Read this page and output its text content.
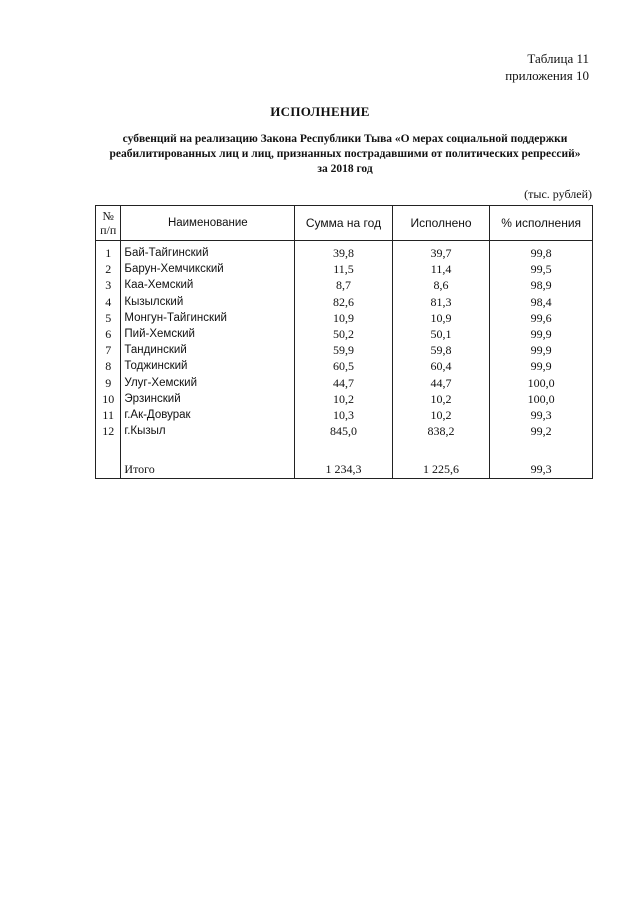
Таблица 11
приложения 10
ИСПОЛНЕНИЕ
субвенций на реализацию Закона Республики Тыва «О мерах социальной поддержки
реабилитированных лиц и лиц, признанных пострадавшими от политических репрессий»
за 2018 год
(тыс. рублей)
№
п/п	Наименование	Сумма на год	Исполнено	% исполнения
1	Бай-Тайгинский	39,8	39,7	99,8
2	Барун-Хемчикский	11,5	11,4	99,5
3	Каа-Хемский	8,7	8,6	98,9
4	Кызылский	82,6	81,3	98,4
5	Монгун-Тайгинский	10,9	10,9	99,6
6	Пий-Хемский	50,2	50,1	99,9
7	Тандинский	59,9	59,8	99,9
8	Тоджинский	60,5	60,4	99,9
9	Улуг-Хемский	44,7	44,7	100,0
10	Эрзинский	10,2	10,2	100,0
11	г.Ак-Довурак	10,3	10,2	99,3
12	г.Кызыл	845,0	838,2	99,2

	Итого	1 234,3	1 225,6	99,3
